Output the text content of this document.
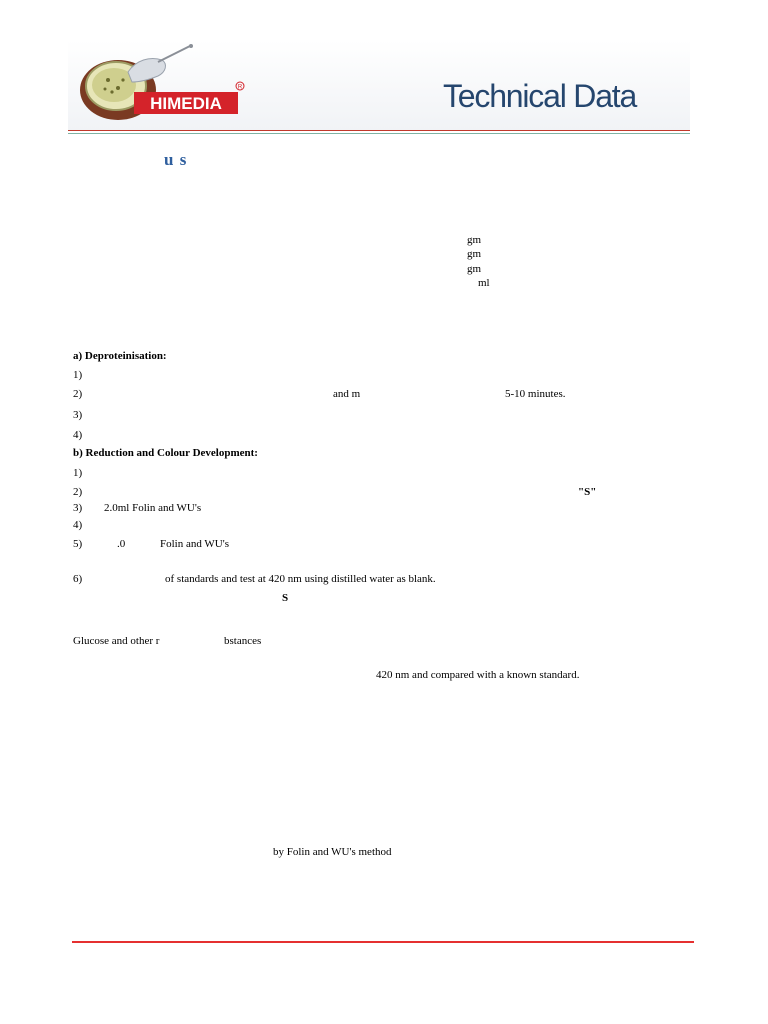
HIMEDIA
R	Technical Data
u s
gm
gm
gm
ml
a) Deproteinisation:
1)
2)	and m	5-10 minutes.
3)
4)
b) Reduction and Colour Development:
1)
2)	"S"
3) 2.0ml Folin and WU's
4)
5)	.0	Folin and WU's
6)	of standards and test at 420 nm using distilled water as blank.
S
Glucose and other r	bstances
420 nm and compared with a known standard.
by Folin and WU's method
